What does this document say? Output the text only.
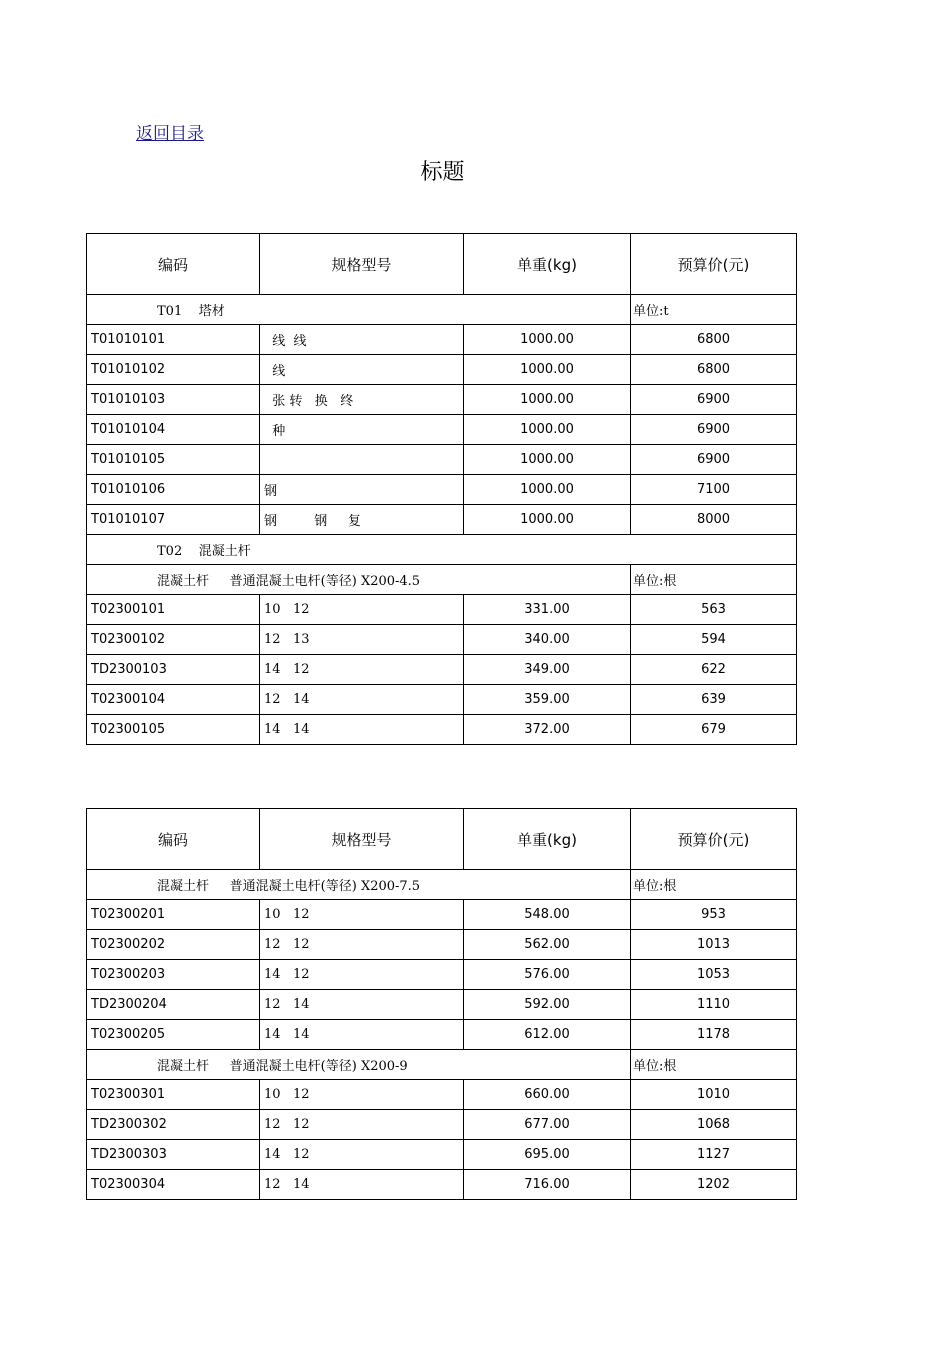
返回目录
标题
编码	规格型号	单重(kg)	预算价(元)
T01    塔材			单位:t
T01010101	线  线	1000.00	6800
T01010102	线	1000.00	6800
T01010103	张 转   换   终	1000.00	6900
T01010104	种	1000.00	6900
T01010105		1000.00	6900
T01010106	钢	1000.00	7100
T01010107	钢         钢     复	1000.00	8000
T02    混凝土杆			
混凝土杆     普通混凝土电杆(等径) X200-4.5			单位:根
T02300101	10   12	331.00	563
T02300102	12   13	340.00	594
TD2300103	14   12	349.00	622
T02300104	12   14	359.00	639
T02300105	14   14	372.00	679
编码	规格型号	单重(kg)	预算价(元)
混凝土杆     普通混凝土电杆(等径) X200-7.5			单位:根
T02300201	10   12	548.00	953
T02300202	12   12	562.00	1013
T02300203	14   12	576.00	1053
TD2300204	12   14	592.00	1110
T02300205	14   14	612.00	1178
混凝土杆     普通混凝土电杆(等径) X200-9			单位:根
T02300301	10   12	660.00	1010
TD2300302	12   12	677.00	1068
TD2300303	14   12	695.00	1127
T02300304	12   14	716.00	1202
